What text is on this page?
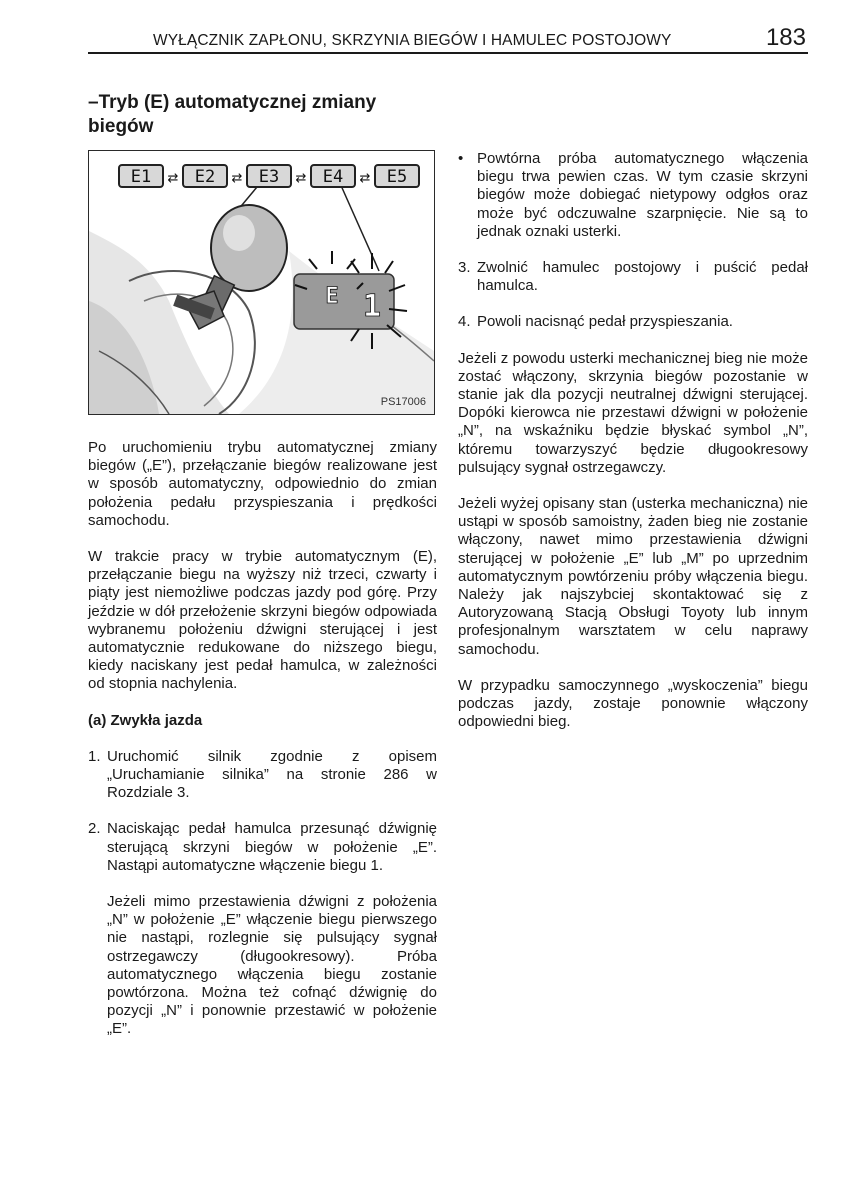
WYŁĄCZNIK ZAPŁONU, SKRZYNIA BIEGÓW I HAMULEC POSTOJOWY	183
–Tryb (E) automatycznej zmiany biegów
E1 ⇄ E2 ⇄ E3 ⇄ E4 ⇄ E5
E 1
PS17006

Po uruchomieniu trybu automatycznej zmiany biegów („E”), przełączanie biegów realizowane jest w sposób automatyczny, odpowiednio do zmian położenia pedału przyspieszania i prędkości samochodu.

W trakcie pracy w trybie automatycznym (E), przełączanie biegu na wyższy niż trzeci, czwarty i piąty jest niemożliwe podczas jazdy pod górę. Przy jeździe w dół przełożenie skrzyni biegów odpowiada wybranemu położeniu dźwigni sterującej i jest automatycznie redukowane do niższego biegu, kiedy naciskany jest pedał hamulca, w zależności od stopnia nachylenia.

(a) Zwykła jazda
1. Uruchomić silnik zgodnie z opisem „Uruchamianie silnika” na stronie 286 w Rozdziale 3.
2. Naciskając pedał hamulca przesunąć dźwignię sterującą skrzyni biegów w położenie „E”. Nastąpi automatyczne włączenie biegu 1.
Jeżeli mimo przestawienia dźwigni z położenia „N” w położenie „E” włączenie biegu pierwszego nie nastąpi, rozlegnie się pulsujący sygnał ostrzegawczy (długookresowy). Próba automatycznego włączenia biegu zostanie powtórzona. Można też cofnąć dźwignię do pozycji „N” i ponownie przestawić w położenie „E”.
• Powtórna próba automatycznego włączenia biegu trwa pewien czas. W tym czasie skrzyni biegów może dobiegać nietypowy odgłos oraz może być odczuwalne szarpnięcie. Nie są to jednak oznaki usterki.
3. Zwolnić hamulec postojowy i puścić pedał hamulca.
4. Powoli nacisnąć pedał przyspieszania.

Jeżeli z powodu usterki mechanicznej bieg nie może zostać włączony, skrzynia biegów pozostanie w stanie jak dla pozycji neutralnej dźwigni sterującej. Dopóki kierowca nie przestawi dźwigni w położenie „N”, na wskaźniku będzie błyskać symbol „N”, któremu towarzyszyć będzie długookresowy pulsujący sygnał ostrzegawczy.

Jeżeli wyżej opisany stan (usterka mechaniczna) nie ustąpi w sposób samoistny, żaden bieg nie zostanie włączony, nawet mimo przestawienia dźwigni sterującej w położenie „E” lub „M” po uprzednim automatycznym powtórzeniu próby włączenia biegu. Należy jak najszybciej skontaktować się z Autoryzowaną Stacją Obsługi Toyoty lub innym profesjonalnym warsztatem w celu naprawy samochodu.

W przypadku samoczynnego „wyskoczenia” biegu podczas jazdy, zostaje ponownie włączony odpowiedni bieg.
